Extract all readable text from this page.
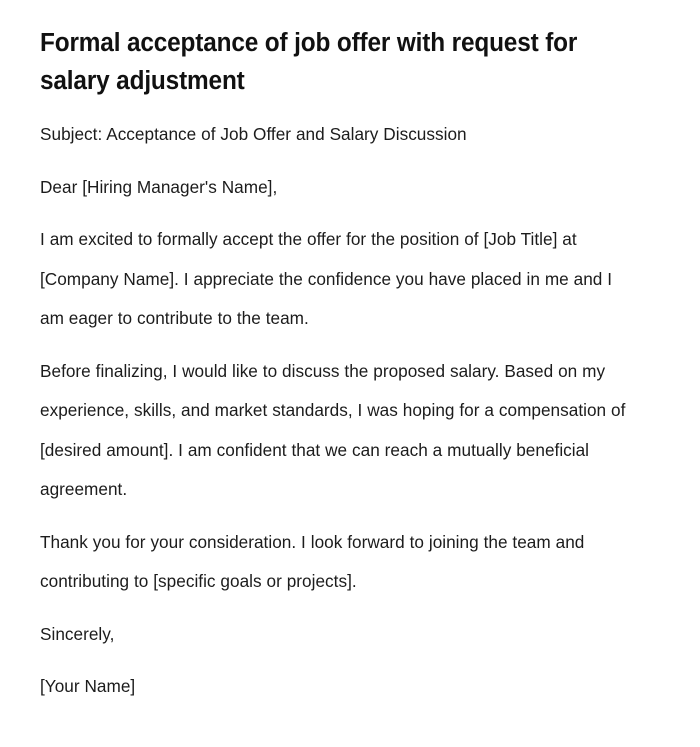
Formal acceptance of job offer with request for salary adjustment

Subject: Acceptance of Job Offer and Salary Discussion

Dear [Hiring Manager's Name],

I am excited to formally accept the offer for the position of [Job Title] at [Company Name]. I appreciate the confidence you have placed in me and I am eager to contribute to the team.

Before finalizing, I would like to discuss the proposed salary. Based on my experience, skills, and market standards, I was hoping for a compensation of [desired amount]. I am confident that we can reach a mutually beneficial agreement.

Thank you for your consideration. I look forward to joining the team and contributing to [specific goals or projects].

Sincerely,

[Your Name]
